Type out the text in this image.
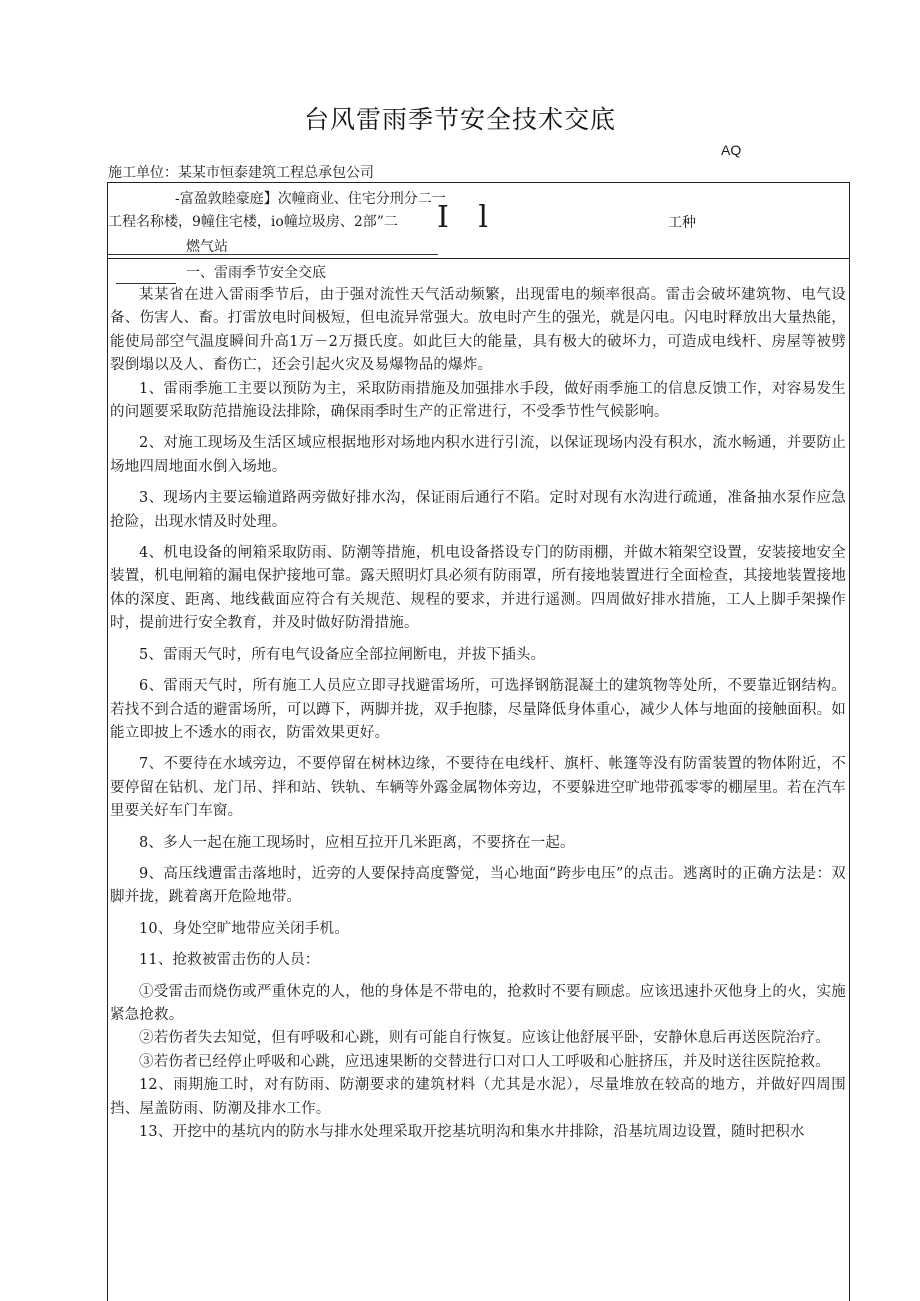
台风雷雨季节安全技术交底
AQ
施工单位：某某市恒泰建筑工程总承包公司
-富盈敦睦豪庭】次幢商业、住宅分刑分二一
工程名称楼，9幢住宅楼，io幢垃圾房、2部”二
燃气站
I l	工种
一、雷雨季节安全交底

某某省在进入雷雨季节后，由于强对流性天气活动频繁，出现雷电的频率很高。雷击会破坏建筑物、电气设备、伤害人、畜。打雷放电时间极短，但电流异常强大。放电时产生的强光，就是闪电。闪电时释放出大量热能，能使局部空气温度瞬间升高1万－2万摄氏度。如此巨大的能量，具有极大的破坏力，可造成电线杆、房屋等被劈裂倒塌以及人、畜伤亡，还会引起火灾及易爆物品的爆炸。

1、雷雨季施工主要以预防为主，采取防雨措施及加强排水手段，做好雨季施工的信息反馈工作，对容易发生的问题要采取防范措施设法排除，确保雨季时生产的正常进行，不受季节性气候影响。

2、对施工现场及生活区域应根据地形对场地内积水进行引流，以保证现场内没有积水，流水畅通，并要防止场地四周地面水倒入场地。

3、现场内主要运输道路两旁做好排水沟，保证雨后通行不陷。定时对现有水沟进行疏通，准备抽水泵作应急抢险，出现水情及时处理。

4、机电设备的闸箱采取防雨、防潮等措施，机电设备搭设专门的防雨棚，并做木箱架空设置，安装接地安全装置，机电闸箱的漏电保护接地可靠。露天照明灯具必须有防雨罩，所有接地装置进行全面检查，其接地装置接地体的深度、距离、地线截面应符合有关规范、规程的要求，并进行遥测。四周做好排水措施，工人上脚手架操作时，提前进行安全教育，并及时做好防滑措施。

5、雷雨天气时，所有电气设备应全部拉闸断电，并拔下插头。

6、雷雨天气时，所有施工人员应立即寻找避雷场所，可选择钢筋混凝土的建筑物等处所，不要靠近钢结构。若找不到合适的避雷场所，可以蹲下，两脚并拢，双手抱膝，尽量降低身体重心，减少人体与地面的接触面积。如能立即披上不透水的雨衣，防雷效果更好。

7、不要待在水域旁边，不要停留在树林边缘，不要待在电线杆、旗杆、帐篷等没有防雷装置的物体附近，不要停留在钻机、龙门吊、拌和站、铁轨、车辆等外露金属物体旁边，不要躲进空旷地带孤零零的棚屋里。若在汽车里要关好车门车窗。

8、多人一起在施工现场时，应相互拉开几米距离，不要挤在一起。

9、高压线遭雷击落地时，近旁的人要保持高度警觉，当心地面“跨步电压”的点击。逃离时的正确方法是：双脚并拢，跳着离开危险地带。

10、身处空旷地带应关闭手机。

11、抢救被雷击伤的人员：

①受雷击而烧伤或严重休克的人，他的身体是不带电的，抢救时不要有顾虑。应该迅速扑灭他身上的火，实施紧急抢救。

②若伤者失去知觉，但有呼吸和心跳，则有可能自行恢复。应该让他舒展平卧，安静休息后再送医院治疗。

③若伤者已经停止呼吸和心跳，应迅速果断的交替进行口对口人工呼吸和心脏挤压，并及时送往医院抢救。

12、雨期施工时，对有防雨、防潮要求的建筑材料（尤其是水泥），尽量堆放在较高的地方，并做好四周围挡、屋盖防雨、防潮及排水工作。

13、开挖中的基坑内的防水与排水处理采取开挖基坑明沟和集水井排除，沿基坑周边设置，随时把积水
